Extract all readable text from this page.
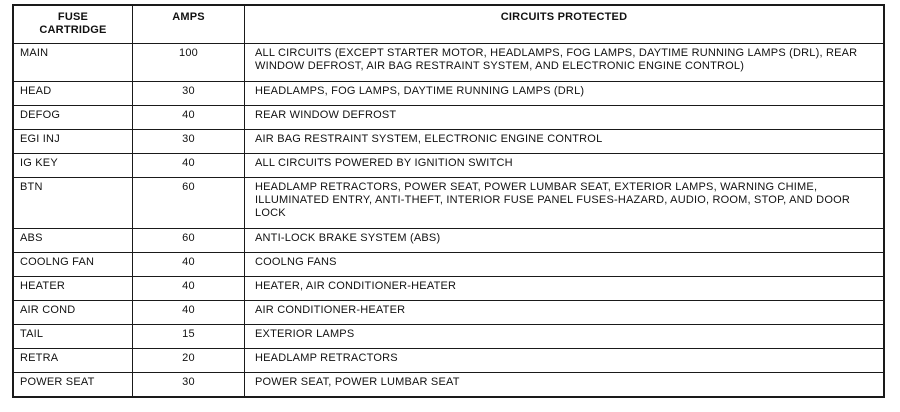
FUSE CARTRIDGE	AMPS	CIRCUITS PROTECTED
MAIN	100	ALL CIRCUITS (EXCEPT STARTER MOTOR, HEADLAMPS, FOG LAMPS, DAYTIME RUNNING LAMPS (DRL), REAR WINDOW DEFROST, AIR BAG RESTRAINT SYSTEM, AND ELECTRONIC ENGINE CONTROL)
HEAD	30	HEADLAMPS, FOG LAMPS, DAYTIME RUNNING LAMPS (DRL)
DEFOG	40	REAR WINDOW DEFROST
EGI INJ	30	AIR BAG RESTRAINT SYSTEM, ELECTRONIC ENGINE CONTROL
IG KEY	40	ALL CIRCUITS POWERED BY IGNITION SWITCH
BTN	60	HEADLAMP RETRACTORS, POWER SEAT, POWER LUMBAR SEAT, EXTERIOR LAMPS, WARNING CHIME, ILLUMINATED ENTRY, ANTI-THEFT, INTERIOR FUSE PANEL FUSES-HAZARD, AUDIO, ROOM, STOP, AND DOOR LOCK
ABS	60	ANTI-LOCK BRAKE SYSTEM (ABS)
COOLNG FAN	40	COOLNG FANS
HEATER	40	HEATER, AIR CONDITIONER-HEATER
AIR COND	40	AIR CONDITIONER-HEATER
TAIL	15	EXTERIOR LAMPS
RETRA	20	HEADLAMP RETRACTORS
POWER SEAT	30	POWER SEAT, POWER LUMBAR SEAT
